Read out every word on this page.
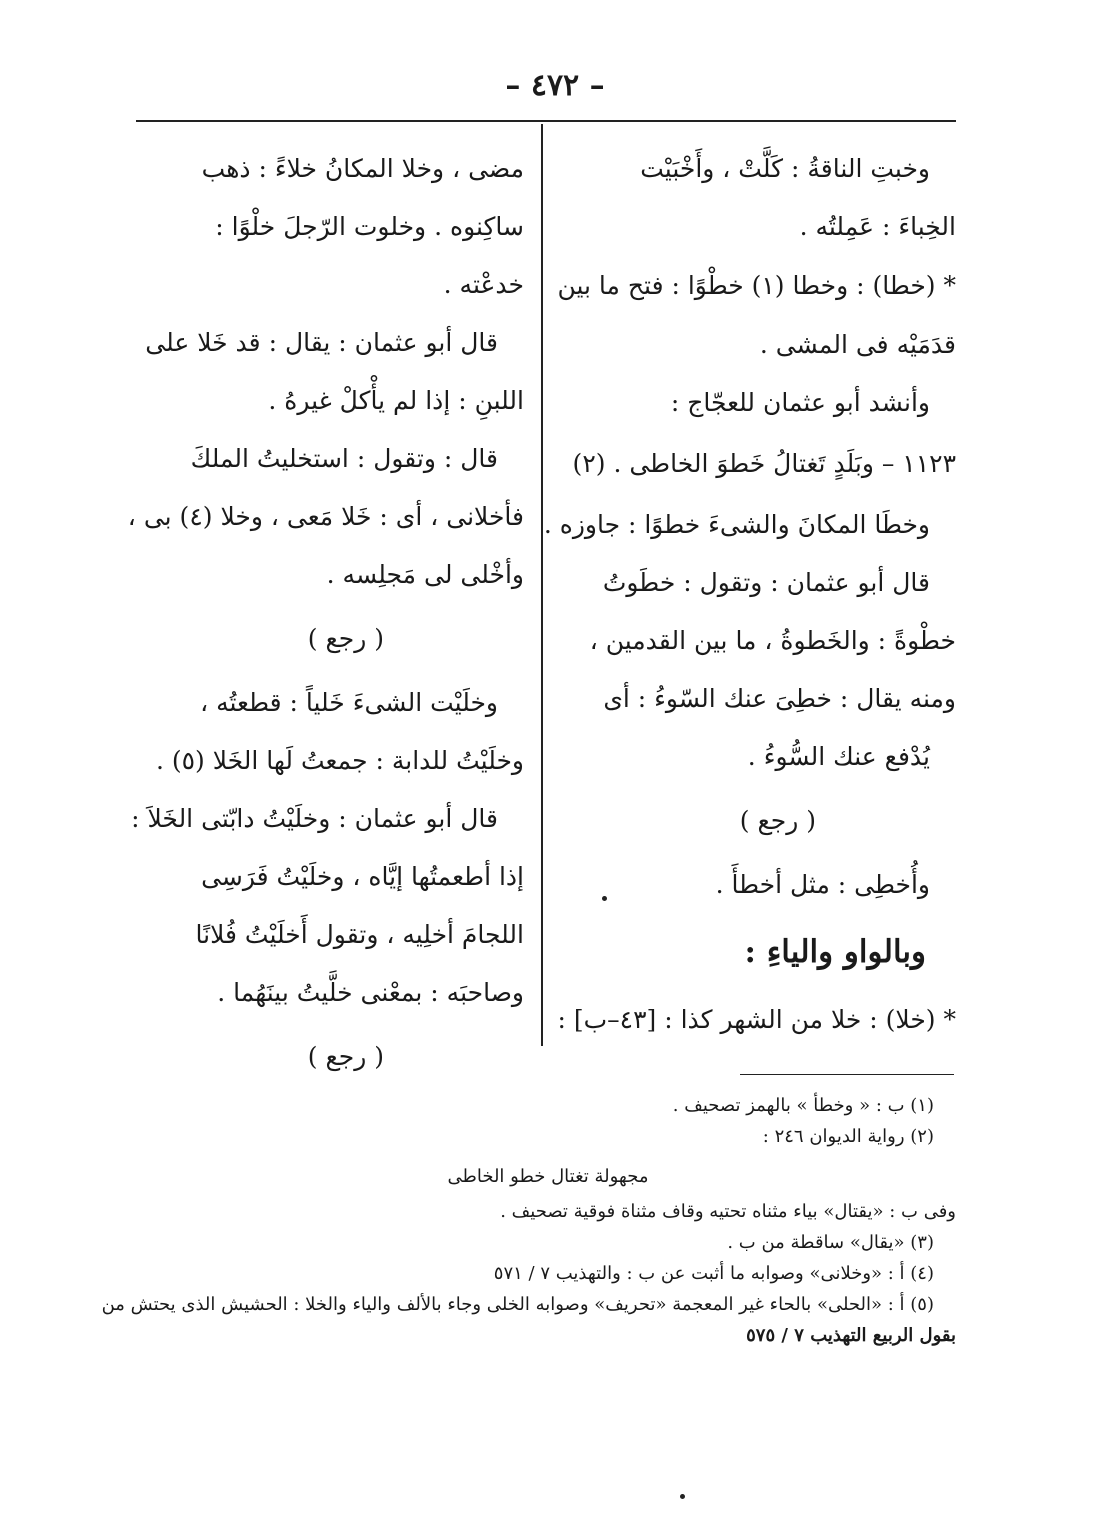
– ٤٧٢ –
وخبتِ الناقةُ : كَلَّتْ ، وأَخْبَيْت
الخِباءَ : عَمِلتُه .
* (خطا) : وخطا (١) خطْوًا : فتح ما بين
قدَمَيْه فى المشى .
وأنشد أبو عثمان للعجّاج :
١١٢٣ – وبَلَدٍ تَغتالُ خَطوَ الخاطى . (٢)
وخطَا المكانَ والشىءَ خطوًا : جاوزه .
قال أبو عثمان : وتقول : خطَوتُ
خطْوةً : والخَطوةُ ، ما بين القدمين ،
ومنه يقال : خطِىَ عنك السّوءُ : أى
يُدْفع عنك السُّوءُ .
( رجع )
وأُخطِى : مثل أخطأَ .
وبالواو والياءِ :
* (خلا) : خلا من الشهر كذا : [٤٣–ب] :
مضى ، وخلا المكانُ خلاءً : ذهب
ساكِنوه . وخلوت الرّجلَ خلْوًا :
خدعْته .
قال أبو عثمان : يقال : قد خَلا على
اللبنِ : إذا لم يأْكلْ غيرهُ .
قال : وتقول : استخليتُ الملكَ
فأخلانى ، أى : خَلا مَعى ، وخلا (٤) بى ،
وأخْلى لى مَجلِسه .
( رجع )
وخلَيْت الشىءَ خَلياً : قطعتُه ،
وخلَيْتُ للدابة : جمعتُ لَها الخَلا (٥) .
قال أبو عثمان : وخلَيْتُ دابّتى الخَلاَ :
إذا أطعمتُها إيَّاه ، وخلَيْتُ فَرَسِى
اللجامَ أخلِيه ، وتقول أَخلَيْتُ فُلانًا
وصاحبَه : بمعْنى خلَّيتُ بينَهُما .
( رجع )
(١) ب : « وخطأ » بالهمز تصحيف .
(٢) رواية الديوان ٢٤٦ :
مجهولة تغتال خطو الخاطى
وفى ب : «يقتال» بياء مثناه تحتيه وقاف مثناة فوقية تصحيف .
(٣) «يقال» ساقطة من ب .
(٤) أ : «وخلانى» وصوابه ما أثبت عن ب : والتهذيب ٧ / ٥٧١
(٥) أ : «الحلى» بالحاء غير المعجمة «تحريف» وصوابه الخلى وجاء بالألف والياء والخلا : الحشيش الذى يحتش من
بقول الربيع التهذيب ٧ / ٥٧٥
